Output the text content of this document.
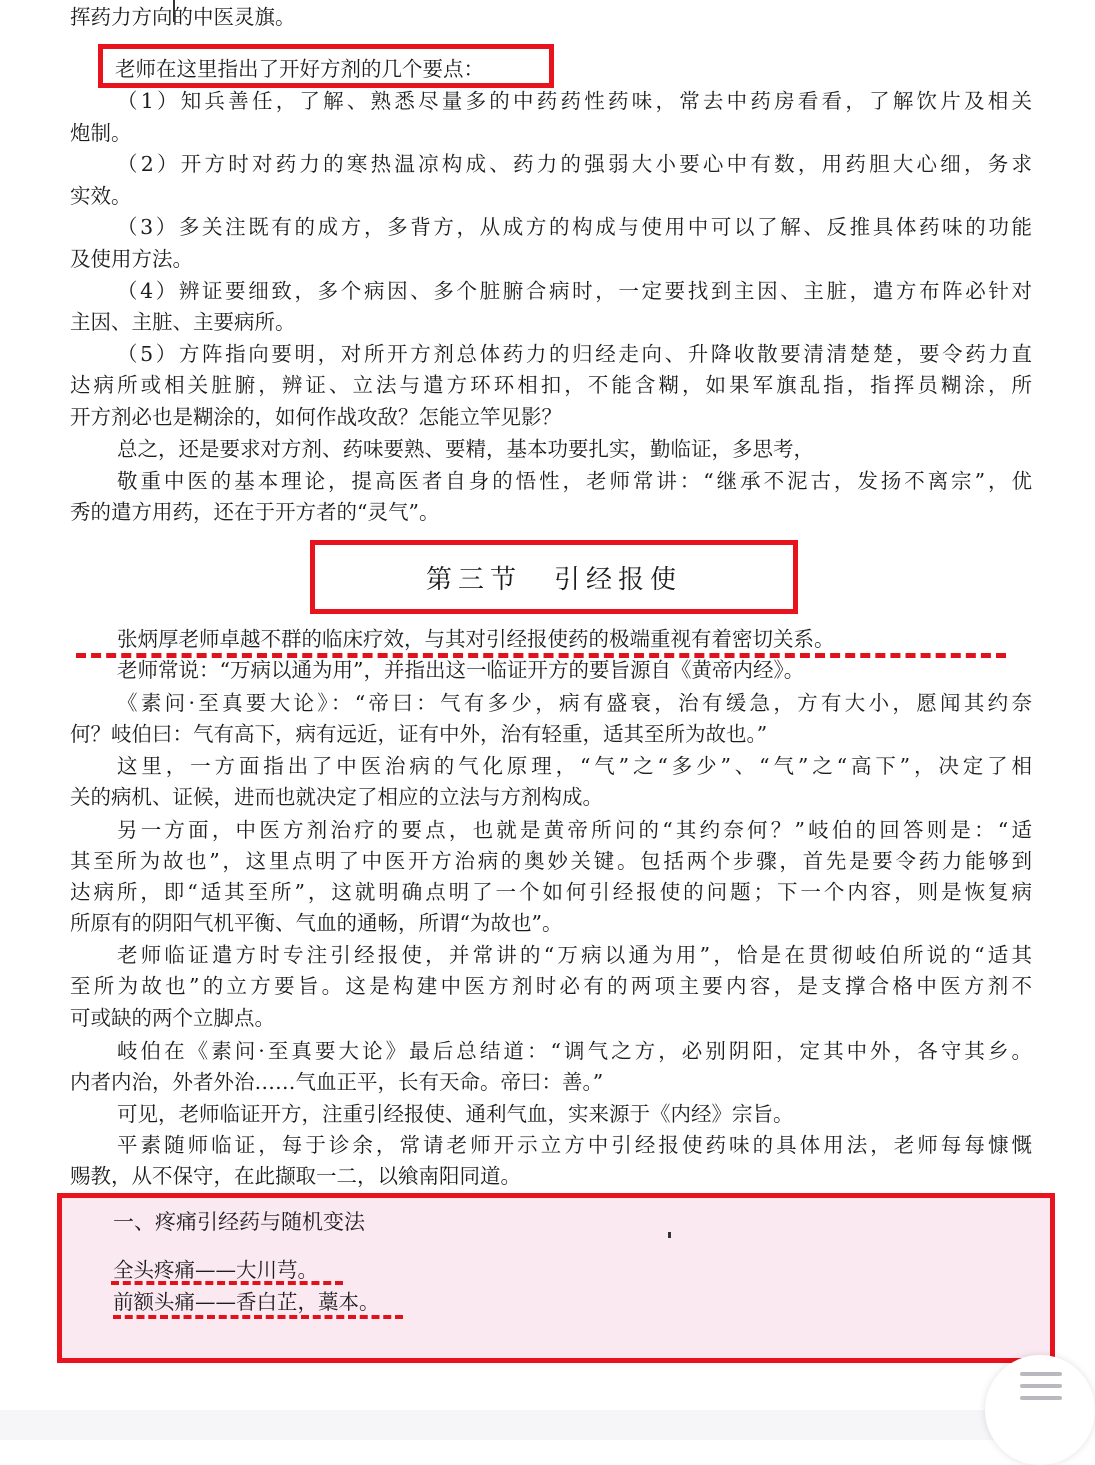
挥药力方向的中医灵旗。
老师在这里指出了开好方剂的几个要点：
（1）知兵善任，了解、熟悉尽量多的中药药性药味，常去中药房看看，了解饮片及相关
炮制。
（2）开方时对药力的寒热温凉构成、药力的强弱大小要心中有数，用药胆大心细，务求
实效。
（3）多关注既有的成方，多背方，从成方的构成与使用中可以了解、反推具体药味的功能
及使用方法。
（4）辨证要细致，多个病因、多个脏腑合病时，一定要找到主因、主脏，遣方布阵必针对
主因、主脏、主要病所。
（5）方阵指向要明，对所开方剂总体药力的归经走向、升降收散要清清楚楚，要令药力直
达病所或相关脏腑，辨证、立法与遣方环环相扣，不能含糊，如果军旗乱指，指挥员糊涂，所
开方剂必也是糊涂的，如何作战攻敌？怎能立竿见影？
总之，还是要求对方剂、药味要熟、要精，基本功要扎实，勤临证，多思考，
敬重中医的基本理论，提高医者自身的悟性，老师常讲：“继承不泥古，发扬不离宗”，优
秀的遣方用药，还在于开方者的“灵气”。
第三节　引经报使
张炳厚老师卓越不群的临床疗效，与其对引经报使药的极端重视有着密切关系。
老师常说：“万病以通为用”，并指出这一临证开方的要旨源自《黄帝内经》。
《素问·至真要大论》：“帝曰：气有多少，病有盛衰，治有缓急，方有大小，愿闻其约奈
何？岐伯曰：气有高下，病有远近，证有中外，治有轻重，适其至所为故也。”
这里，一方面指出了中医治病的气化原理，“气”之“多少”、“气”之“高下”，决定了相
关的病机、证候，进而也就决定了相应的立法与方剂构成。
另一方面，中医方剂治疗的要点，也就是黄帝所问的“其约奈何？”岐伯的回答则是：“适
其至所为故也”，这里点明了中医开方治病的奥妙关键。包括两个步骤，首先是要令药力能够到
达病所，即“适其至所”，这就明确点明了一个如何引经报使的问题；下一个内容，则是恢复病
所原有的阴阳气机平衡、气血的通畅，所谓“为故也”。
老师临证遣方时专注引经报使，并常讲的“万病以通为用”，恰是在贯彻岐伯所说的“适其
至所为故也”的立方要旨。这是构建中医方剂时必有的两项主要内容，是支撑合格中医方剂不
可或缺的两个立脚点。
岐伯在《素问·至真要大论》最后总结道：“调气之方，必别阴阳，定其中外，各守其乡。
内者内治，外者外治……气血正平，长有天命。帝曰：善。”
可见，老师临证开方，注重引经报使、通利气血，实来源于《内经》宗旨。
平素随师临证，每于诊余，常请老师开示立方中引经报使药味的具体用法，老师每每慷慨
赐教，从不保守，在此撷取一二，以飨南阳同道。
一、疼痛引经药与随机变法
全头疼痛——大川芎。
前额头痛——香白芷，藁本。
